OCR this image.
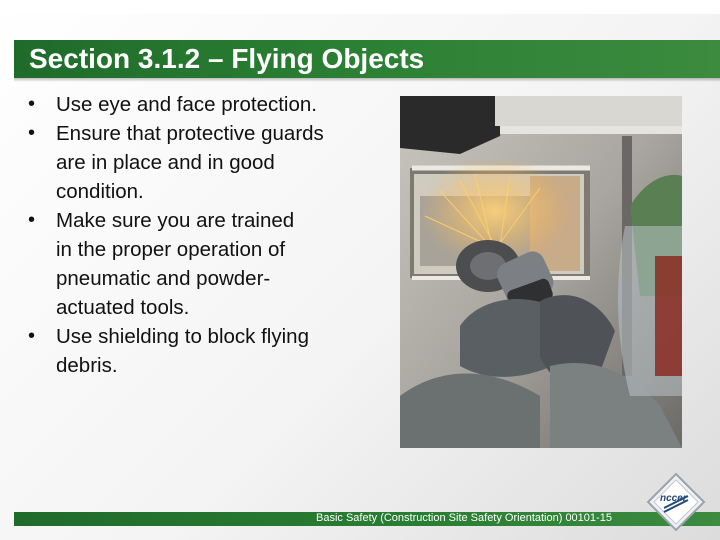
Section 3.1.2 – Flying Objects
• Use eye and face protection.
• Ensure that protective guards
are in place and in good
condition.
• Make sure you are trained
in the proper operation of
pneumatic and powder-
actuated tools.
• Use shielding to block flying
debris.
Basic Safety (Construction Site Safety Orientation) 00101-15
nccer
